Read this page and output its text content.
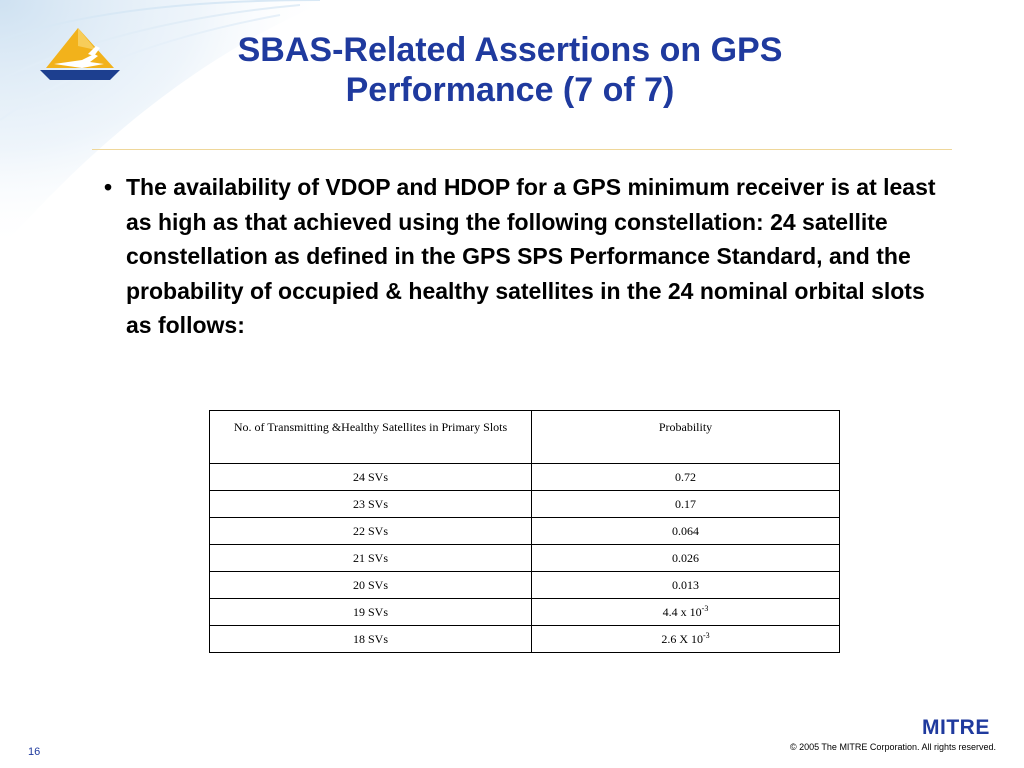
SBAS-Related Assertions on GPS
Performance (7 of 7)
• The availability of VDOP and HDOP for a GPS minimum receiver is at least as high as that achieved using the following constellation: 24 satellite constellation as defined in the GPS SPS Performance Standard, and the probability of occupied & healthy satellites in the 24 nominal orbital slots as follows:
No. of Transmitting &Healthy Satellites in Primary Slots	Probability
24 SVs	0.72
23 SVs	0.17
22 SVs	0.064
21 SVs	0.026
20 SVs	0.013
19 SVs	4.4 x $10^{-3}$
18 SVs	2.6 X $10^{-3}$
MITRE
16	© 2005 The MITRE Corporation. All rights reserved.
